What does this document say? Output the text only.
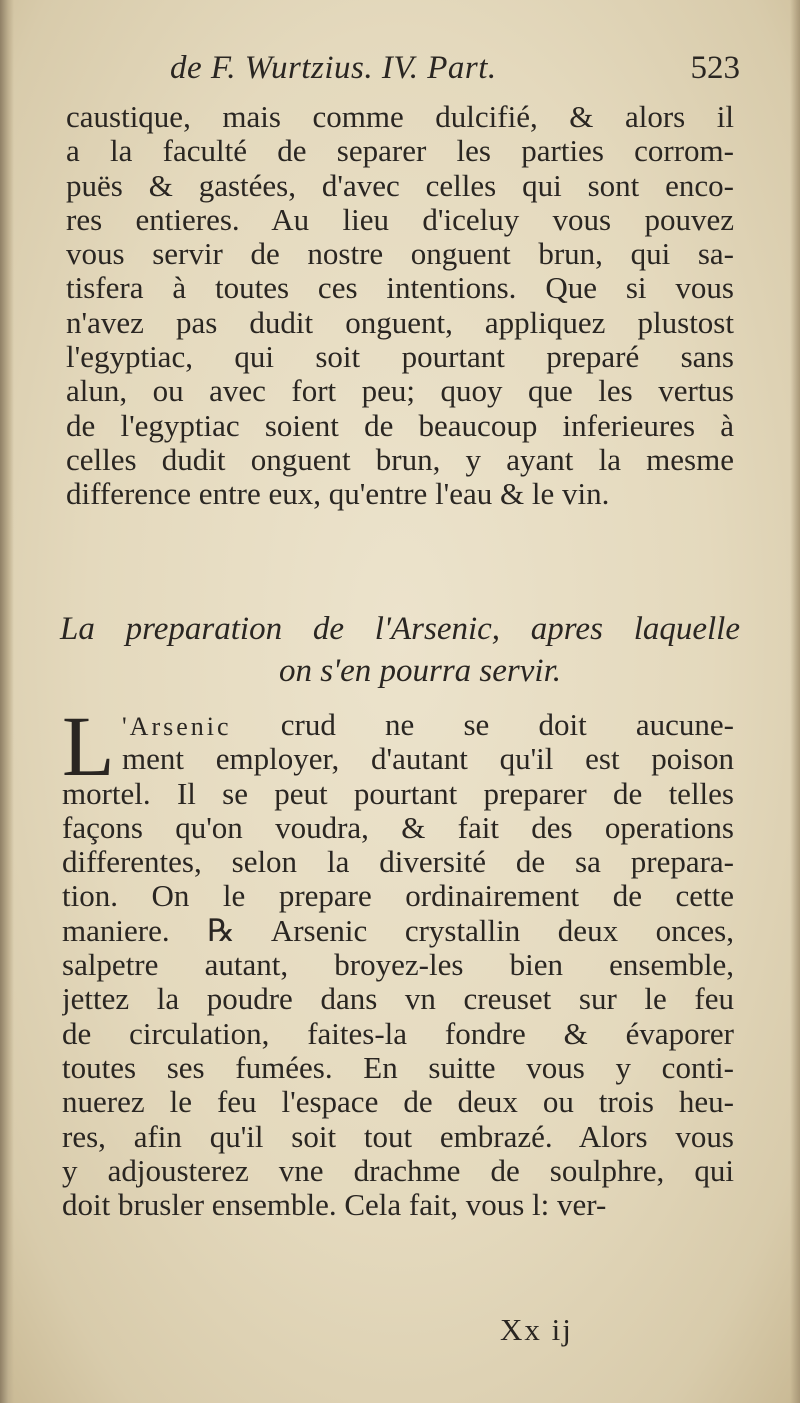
de F. Wurtzius. IV. Part.	523
caustique, mais comme dulcifié, & alors il
a la faculté de separer les parties corrom-
puës & gastées, d'avec celles qui sont enco-
res entieres. Au lieu d'iceluy vous pouvez
vous servir de nostre onguent brun, qui sa-
tisfera à toutes ces intentions. Que si vous
n'avez pas dudit onguent, appliquez plustost
l'egyptiac, qui soit pourtant preparé sans
alun, ou avec fort peu; quoy que les vertus
de l'egyptiac soient de beaucoup inferieures à
celles dudit onguent brun, y ayant la mesme
difference entre eux, qu'entre l'eau & le vin.
La preparation de l'Arsenic, apres laquelle
on s'en pourra servir.
L 'Arsenic crud ne se doit aucune-
ment employer, d'autant qu'il est poison
mortel. Il se peut pourtant preparer de telles
façons qu'on voudra, & fait des operations
differentes, selon la diversité de sa prepara-
tion. On le prepare ordinairement de cette
maniere. ℞ Arsenic crystallin deux onces,
salpetre autant, broyez-les bien ensemble,
jettez la poudre dans vn creuset sur le feu
de circulation, faites-la fondre & évaporer
toutes ses fumées. En suitte vous y conti-
nuerez le feu l'espace de deux ou trois heu-
res, afin qu'il soit tout embrazé. Alors vous
y adjousterez vne drachme de soulphre, qui
doit brusler ensemble. Cela fait, vous l: ver-
Xx ij
